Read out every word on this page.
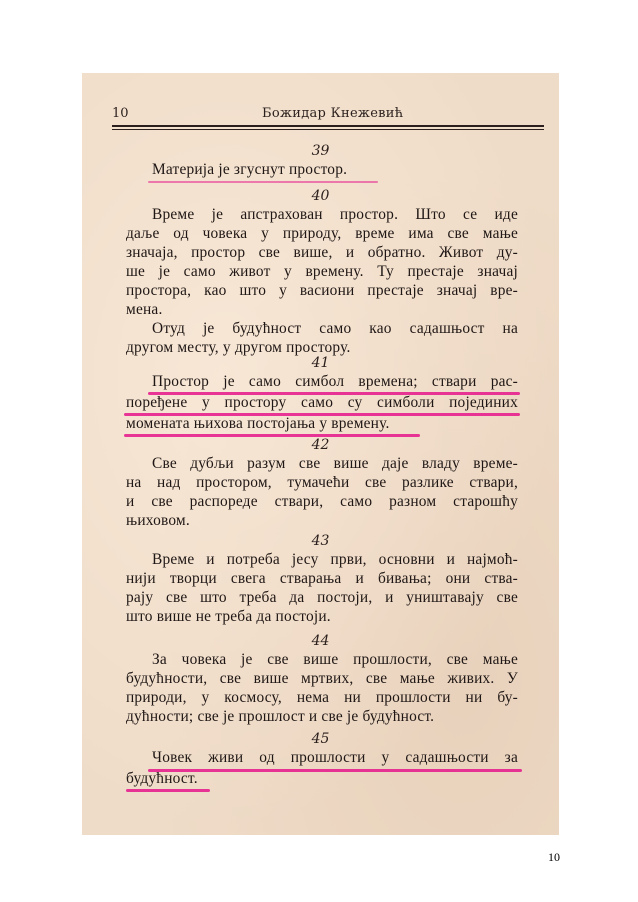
10	Божидар Кнежевић
39
Материја је згуснут простор.
40
Време је апстрахован простор. Што се иде
даље од човека у природу, време има све мање
значаја, простор све више, и обратно. Живот ду-
ше је само живот у времену. Ту престаје значај
простора, као што у васиони престаје значај вре-
мена.
Отуд је будућност само као садашњост на
другом месту, у другом простору.
41
Простор је само симбол времена; ствари рас-
поређене у простору само су симболи појединих
момената њихова постојања у времену.
42
Све дубљи разум све више даје владу време-
на над простором, тумачећи све разлике ствари,
и све распореде ствари, само разном старошћу
њиховом.
43
Време и потреба јесу први, основни и најмоћ-
нији творци свега стварања и бивања; они ства-
рају све што треба да постоји, и уништавају све
што више не треба да постоји.
44
За човека је све више прошлости, све мање
будућности, све више мртвих, све мање живих. У
природи, у космосу, нема ни прошлости ни бу-
дућности; све је прошлост и све је будућност.
45
Човек живи од прошлости у садашњости за
будућност.
10
